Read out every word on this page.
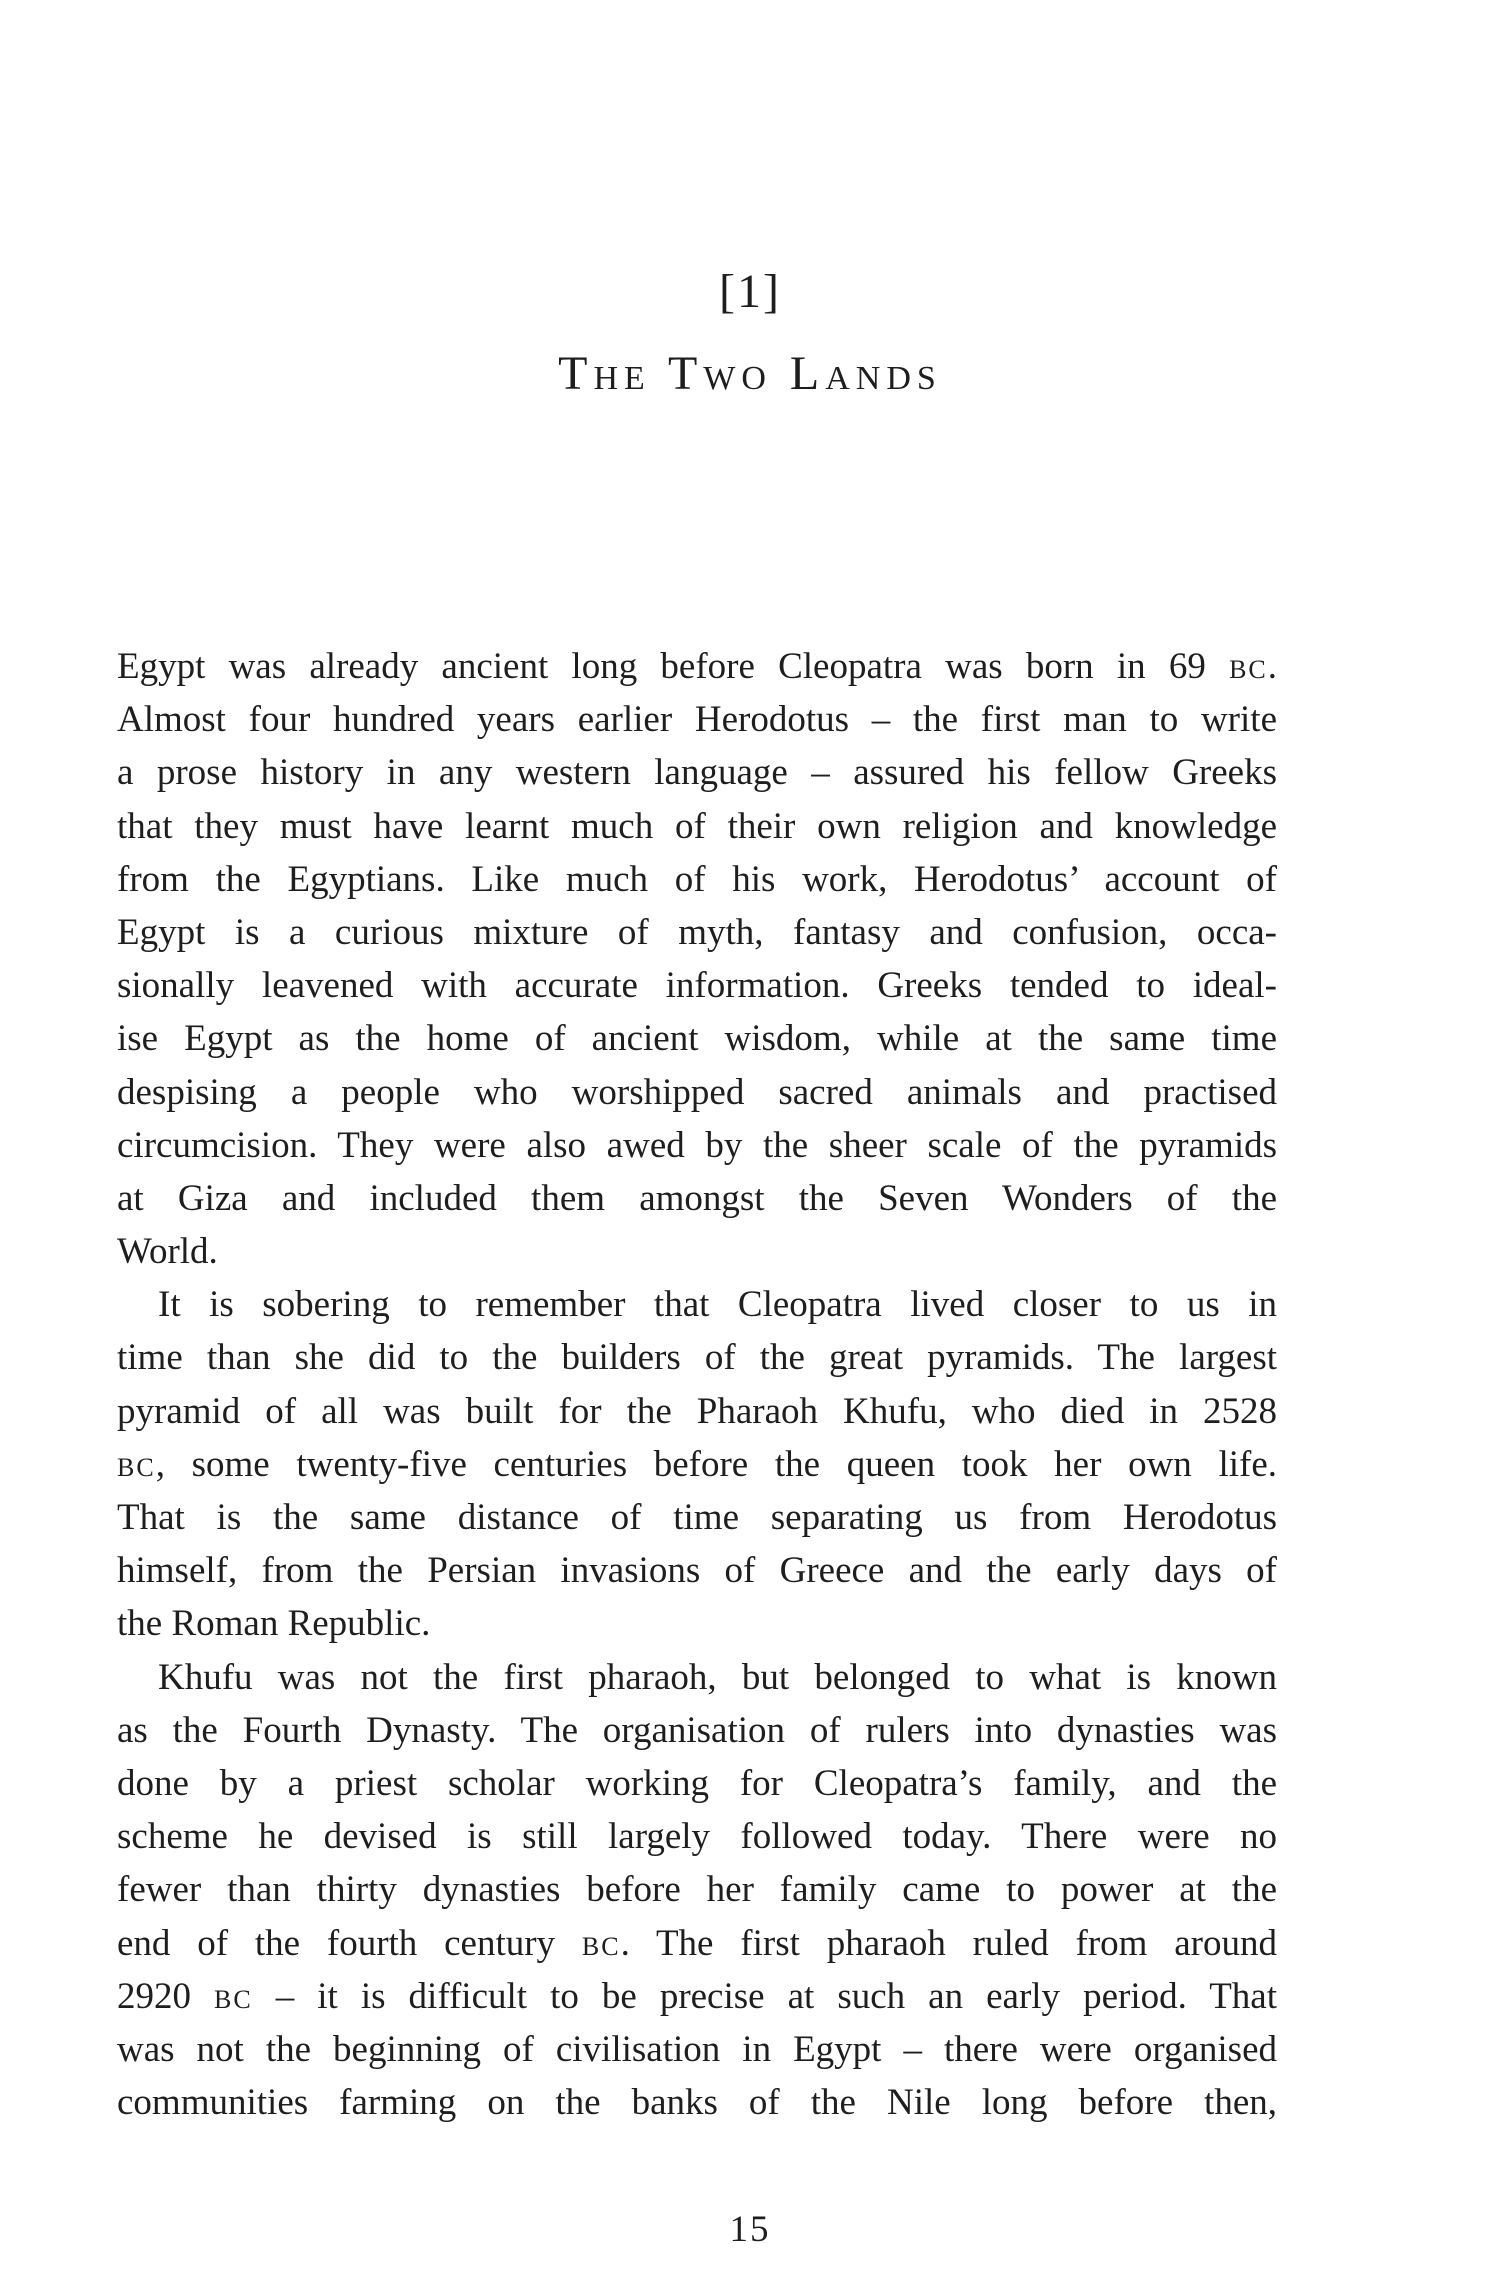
[1]
The Two Lands
Egypt was already ancient long before Cleopatra was born in 69 bc.
Almost four hundred years earlier Herodotus – the first man to write
a prose history in any western language – assured his fellow Greeks
that they must have learnt much of their own religion and knowledge
from the Egyptians. Like much of his work, Herodotus’ account of
Egypt is a curious mixture of myth, fantasy and confusion, occa-
sionally leavened with accurate information. Greeks tended to ideal-
ise Egypt as the home of ancient wisdom, while at the same time
despising a people who worshipped sacred animals and practised
circumcision. They were also awed by the sheer scale of the pyramids
at Giza and included them amongst the Seven Wonders of the
World.
It is sobering to remember that Cleopatra lived closer to us in
time than she did to the builders of the great pyramids. The largest
pyramid of all was built for the Pharaoh Khufu, who died in 2528
bc, some twenty-five centuries before the queen took her own life.
That is the same distance of time separating us from Herodotus
himself, from the Persian invasions of Greece and the early days of
the Roman Republic.
Khufu was not the first pharaoh, but belonged to what is known
as the Fourth Dynasty. The organisation of rulers into dynasties was
done by a priest scholar working for Cleopatra’s family, and the
scheme he devised is still largely followed today. There were no
fewer than thirty dynasties before her family came to power at the
end of the fourth century bc. The first pharaoh ruled from around
2920 bc – it is difficult to be precise at such an early period. That
was not the beginning of civilisation in Egypt – there were organised
communities farming on the banks of the Nile long before then,
15
